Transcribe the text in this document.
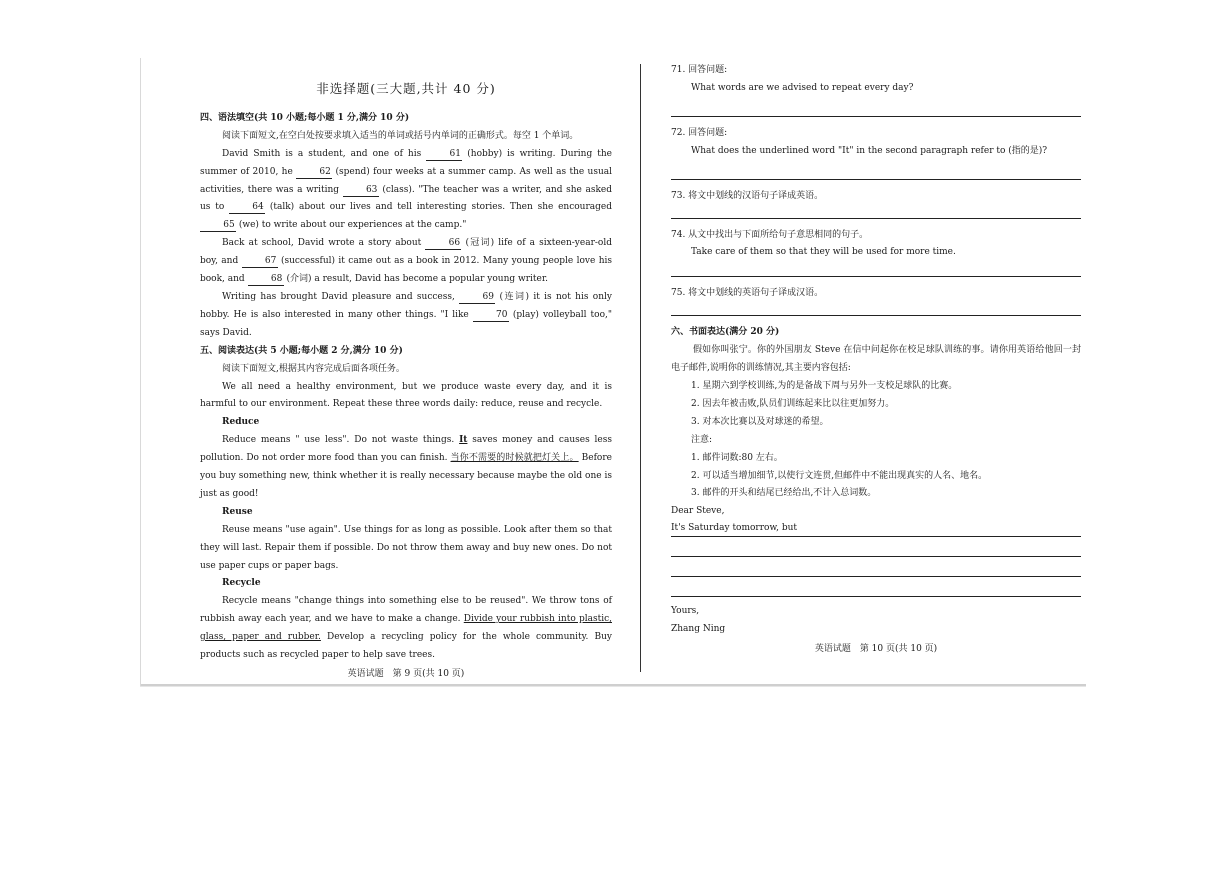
非选择题(三大题,共计 40 分)

四、语法填空(共 10 小题;每小题 1 分,满分 10 分)

阅读下面短文,在空白处按要求填入适当的单词或括号内单词的正确形式。每空 1 个单词。

David Smith is a student, and one of his	61 (hobby) is writing. During the summer of 2010, he	62 (spend) four weeks at a summer camp. As well as the usual activities, there was a writing	63 (class). "The teacher was a writer, and she asked us to	64 (talk) about our lives and tell interesting stories. Then she encouraged 65 (we) to write about our experiences at the camp."

Back at school, David wrote a story about	66 (冠词) life of a sixteen-year-old boy, and	67 (successful) it came out as a book in 2012. Many young people love his book, and	68 (介词) a result, David has become a popular young writer.

Writing has brought David pleasure and success,	69 (连词) it is not his only hobby. He is also interested in many other things. "I like	70 (play) volleyball too," says David.

五、阅读表达(共 5 小题;每小题 2 分,满分 10 分)

阅读下面短文,根据其内容完成后面各项任务。

We all need a healthy environment, but we produce waste every day, and it is harmful to our environment. Repeat these three words daily: reduce, reuse and recycle.

Reduce

Reduce means " use less". Do not waste things. It saves money and causes less pollution. Do not order more food than you can finish. 当你不需要的时候就把灯关上。 Before you buy something new, think whether it is really necessary because maybe the old one is just as good!

Reuse

Reuse means "use again". Use things for as long as possible. Look after them so that they will last. Repair them if possible. Do not throw them away and buy new ones. Do not use paper cups or paper bags.

Recycle

Recycle means "change things into something else to be reused". We throw tons of rubbish away each year, and we have to make a change. Divide your rubbish into plastic, glass, paper and rubber. Develop a recycling policy for the whole community. Buy products such as recycled paper to help save trees.

英语试题　第 9 页(共 10 页)

71. 回答问题:

What words are we advised to repeat every day?

72. 回答问题:

What does the underlined word "It" in the second paragraph refer to (指的是)?

73. 将文中划线的汉语句子译成英语。

74. 从文中找出与下面所给句子意思相同的句子。

Take care of them so that they will be used for more time.

75. 将文中划线的英语句子译成汉语。

六、书面表达(满分 20 分)

假如你叫张宁。你的外国朋友 Steve 在信中问起你在校足球队训练的事。请你用英语给他回一封电子邮件,说明你的训练情况,其主要内容包括:

1. 星期六到学校训练,为的是备战下周与另外一支校足球队的比赛。

2. 因去年被击败,队员们训练起来比以往更加努力。

3. 对本次比赛以及对球迷的希望。

注意:

1. 邮件词数:80 左右。

2. 可以适当增加细节,以使行文连贯,但邮件中不能出现真实的人名、地名。

3. 邮件的开头和结尾已经给出,不计入总词数。

Dear Steve,

It's Saturday tomorrow, but

Yours,

Zhang Ning

英语试题　第 10 页(共 10 页)
